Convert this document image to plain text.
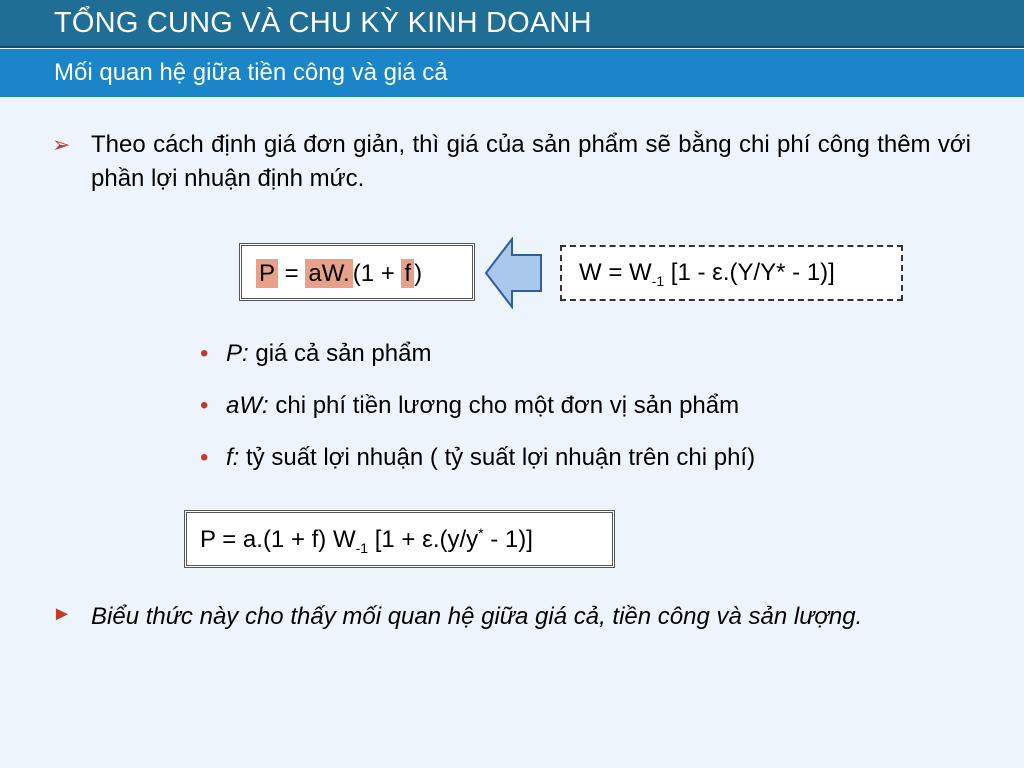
TỔNG CUNG VÀ CHU KỲ KINH DOANH
Mối quan hệ giữa tiền công và giá cả
➢ Theo cách định giá đơn giản, thì giá của sản phẩm sẽ bằng chi phí công thêm với phần lợi nhuận định mức.
P = aW. (1 + f )	$W = W_{-1}$ [1 - ε.(Y/Y* - 1)]
• P: giá cả sản phẩm
• aW: chi phí tiền lương cho một đơn vị sản phẩm
• f: tỷ suất lợi nhuận ( tỷ suất lợi nhuận trên chi phí)
P = a.(1 + f) $W_{-1}$ [1 + ε.(y/y* - 1)]
► Biểu thức này cho thấy mối quan hệ giữa giá cả, tiền công và sản lượng.
